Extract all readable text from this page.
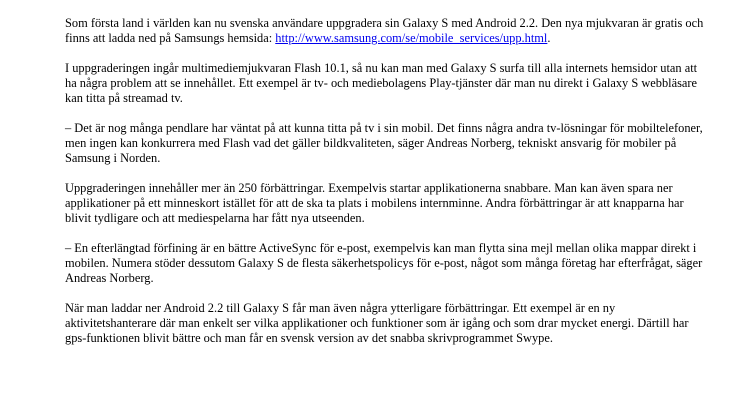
Som första land i världen kan nu svenska användare uppgradera sin Galaxy S med Android 2.2. Den nya mjukvaran är gratis och finns att ladda ned på Samsungs hemsida: http://www.samsung.com/se/mobile_services/upp.html.

I uppgraderingen ingår multimediemjukvaran Flash 10.1, så nu kan man med Galaxy S surfa till alla internets hemsidor utan att ha några problem att se innehållet. Ett exempel är tv- och mediebolagens Play-tjänster där man nu direkt i Galaxy S webbläsare kan titta på streamad tv.

– Det är nog många pendlare har väntat på att kunna titta på tv i sin mobil. Det finns några andra tv-lösningar för mobiltelefoner, men ingen kan konkurrera med Flash vad det gäller bildkvaliteten, säger Andreas Norberg, tekniskt ansvarig för mobiler på Samsung i Norden.

Uppgraderingen innehåller mer än 250 förbättringar. Exempelvis startar applikationerna snabbare. Man kan även spara ner applikationer på ett minneskort istället för att de ska ta plats i mobilens internminne. Andra förbättringar är att knapparna har blivit tydligare och att mediespelarna har fått nya utseenden.

– En efterlängtad förfining är en bättre ActiveSync för e-post, exempelvis kan man flytta sina mejl mellan olika mappar direkt i mobilen. Numera stöder dessutom Galaxy S de flesta säkerhetspolicys för e-post, något som många företag har efterfrågat, säger Andreas Norberg.

När man laddar ner Android 2.2 till Galaxy S får man även några ytterligare förbättringar. Ett exempel är en ny aktivitetshanterare där man enkelt ser vilka applikationer och funktioner som är igång och som drar mycket energi. Därtill har gps-funktionen blivit bättre och man får en svensk version av det snabba skrivprogrammet Swype.
